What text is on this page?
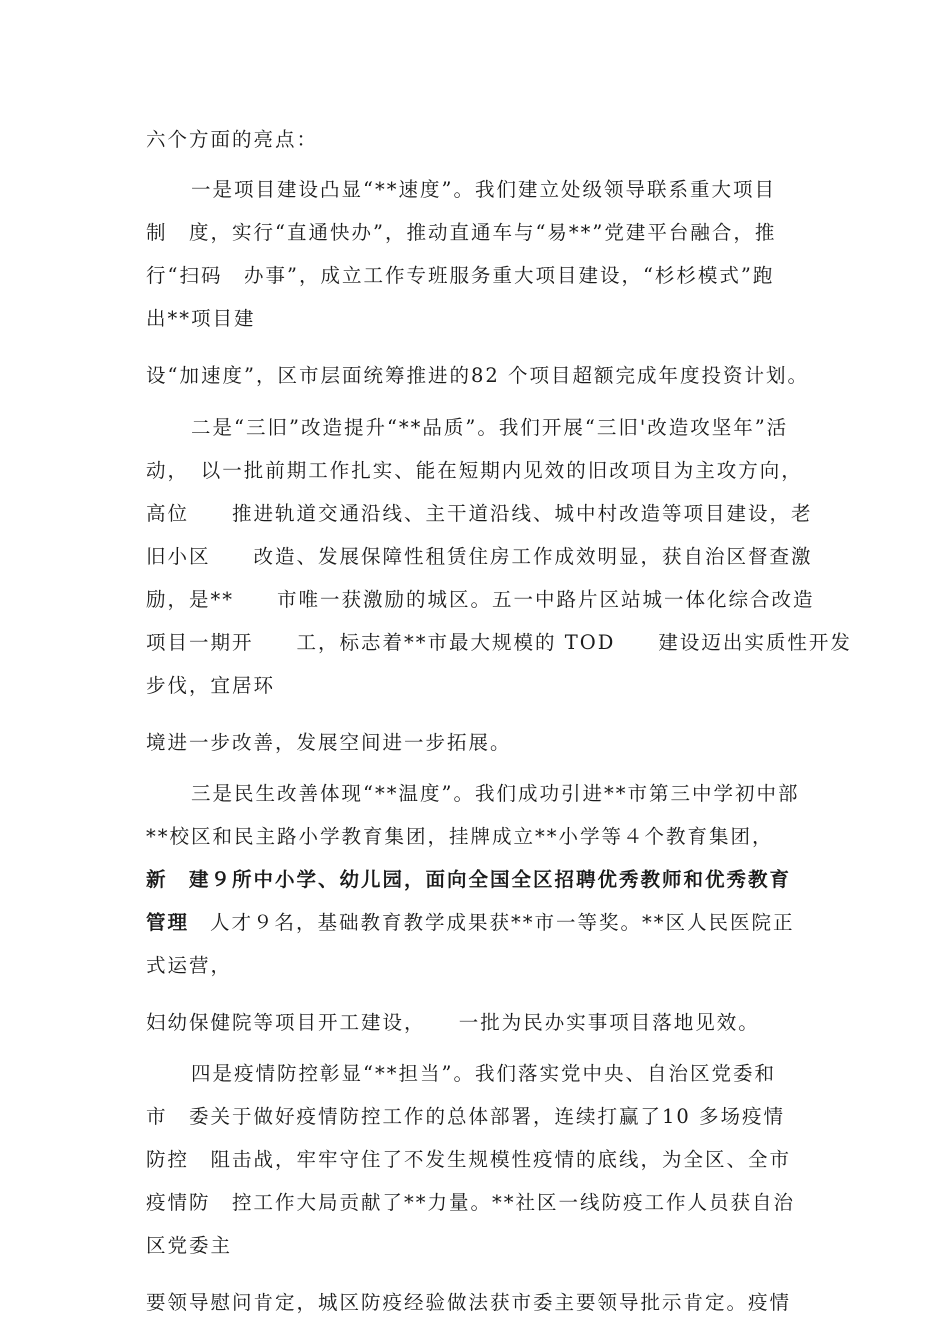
六个方面的亮点：

一是项目建设凸显“**速度”。我们建立处级领导联系重大项目

制　度，实行“直通快办”，推动直通车与“易**”党建平台融合，推

行“扫码　办事”，成立工作专班服务重大项目建设，“杉杉模式”跑

出**项目建

设“加速度”，区市层面统筹推进的82 个项目超额完成年度投资计划。

二是“三旧”改造提升“**品质”。我们开展“三旧'改造攻坚年”活

动，　以一批前期工作扎实、能在短期内见效的旧改项目为主攻方向，

高位　　推进轨道交通沿线、主干道沿线、城中村改造等项目建设，老

旧小区　　改造、发展保障性租赁住房工作成效明显，获自治区督查激

励，是**　　市唯一获激励的城区。五一中路片区站城一体化综合改造

项目一期开　　工，标志着**市最大规模的 TOD　　建设迈出实质性开发

步伐，宜居环

境进一步改善，发展空间进一步拓展。

三是民生改善体现“**温度”。我们成功引进**市第三中学初中部

**校区和民主路小学教育集团，挂牌成立**小学等４个教育集团，

新　建９所中小学、幼儿园，面向全国全区招聘优秀教师和优秀教育

管理 人才９名，基础教育教学成果获**市一等奖。**区人民医院正

式运营，

妇幼保健院等项目开工建设，　　一批为民办实事项目落地见效。

四是疫情防控彰显“**担当”。我们落实党中央、自治区党委和

市　委关于做好疫情防控工作的总体部署，连续打赢了10 多场疫情

防控　阻击战，牢牢守住了不发生规模性疫情的底线，为全区、全市

疫情防　控工作大局贡献了**力量。**社区一线防疫工作人员获自治

区党委主

要领导慰问肯定，城区防疫经验做法获市委主要领导批示肯定。疫情
